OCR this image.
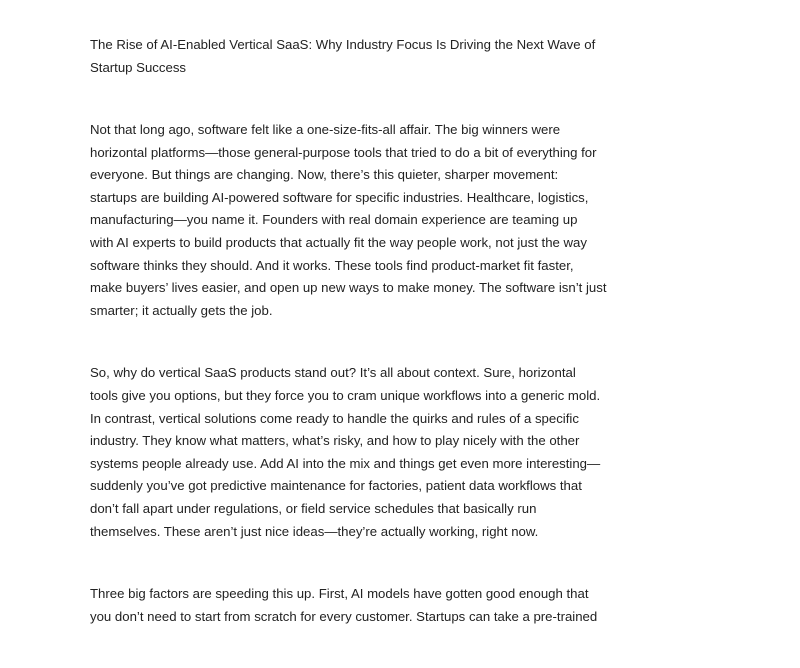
The Rise of AI-Enabled Vertical SaaS: Why Industry Focus Is Driving the Next Wave of
Startup Success

Not that long ago, software felt like a one-size-fits-all affair. The big winners were
horizontal platforms—those general-purpose tools that tried to do a bit of everything for
everyone. But things are changing. Now, there’s this quieter, sharper movement:
startups are building AI-powered software for specific industries. Healthcare, logistics,
manufacturing—you name it. Founders with real domain experience are teaming up
with AI experts to build products that actually fit the way people work, not just the way
software thinks they should. And it works. These tools find product-market fit faster,
make buyers’ lives easier, and open up new ways to make money. The software isn’t just
smarter; it actually gets the job.

So, why do vertical SaaS products stand out? It’s all about context. Sure, horizontal
tools give you options, but they force you to cram unique workflows into a generic mold.
In contrast, vertical solutions come ready to handle the quirks and rules of a specific
industry. They know what matters, what’s risky, and how to play nicely with the other
systems people already use. Add AI into the mix and things get even more interesting—
suddenly you’ve got predictive maintenance for factories, patient data workflows that
don’t fall apart under regulations, or field service schedules that basically run
themselves. These aren’t just nice ideas—they’re actually working, right now.

Three big factors are speeding this up. First, AI models have gotten good enough that
you don’t need to start from scratch for every customer. Startups can take a pre-trained
